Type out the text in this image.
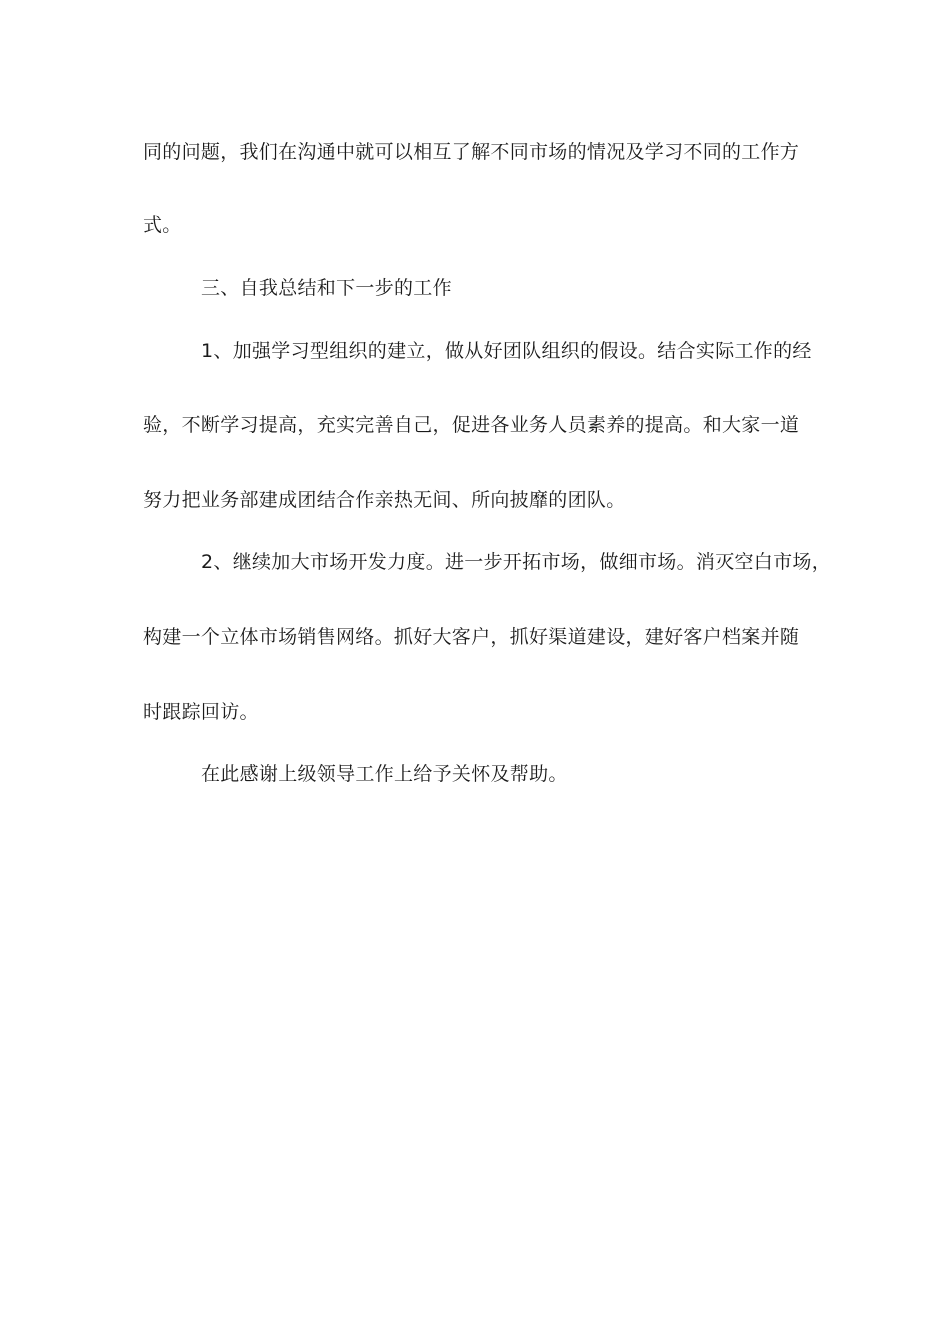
同的问题，我们在沟通中就可以相互了解不同市场的情况及学习不同的工作方
式。
三、自我总结和下一步的工作
1、加强学习型组织的建立，做从好团队组织的假设。结合实际工作的经
验，不断学习提高，充实完善自己，促进各业务人员素养的提高。和大家一道
努力把业务部建成团结合作亲热无间、所向披靡的团队。
2、继续加大市场开发力度。进一步开拓市场，做细市场。消灭空白市场，
构建一个立体市场销售网络。抓好大客户，抓好渠道建设，建好客户档案并随
时跟踪回访。
在此感谢上级领导工作上给予关怀及帮助。
